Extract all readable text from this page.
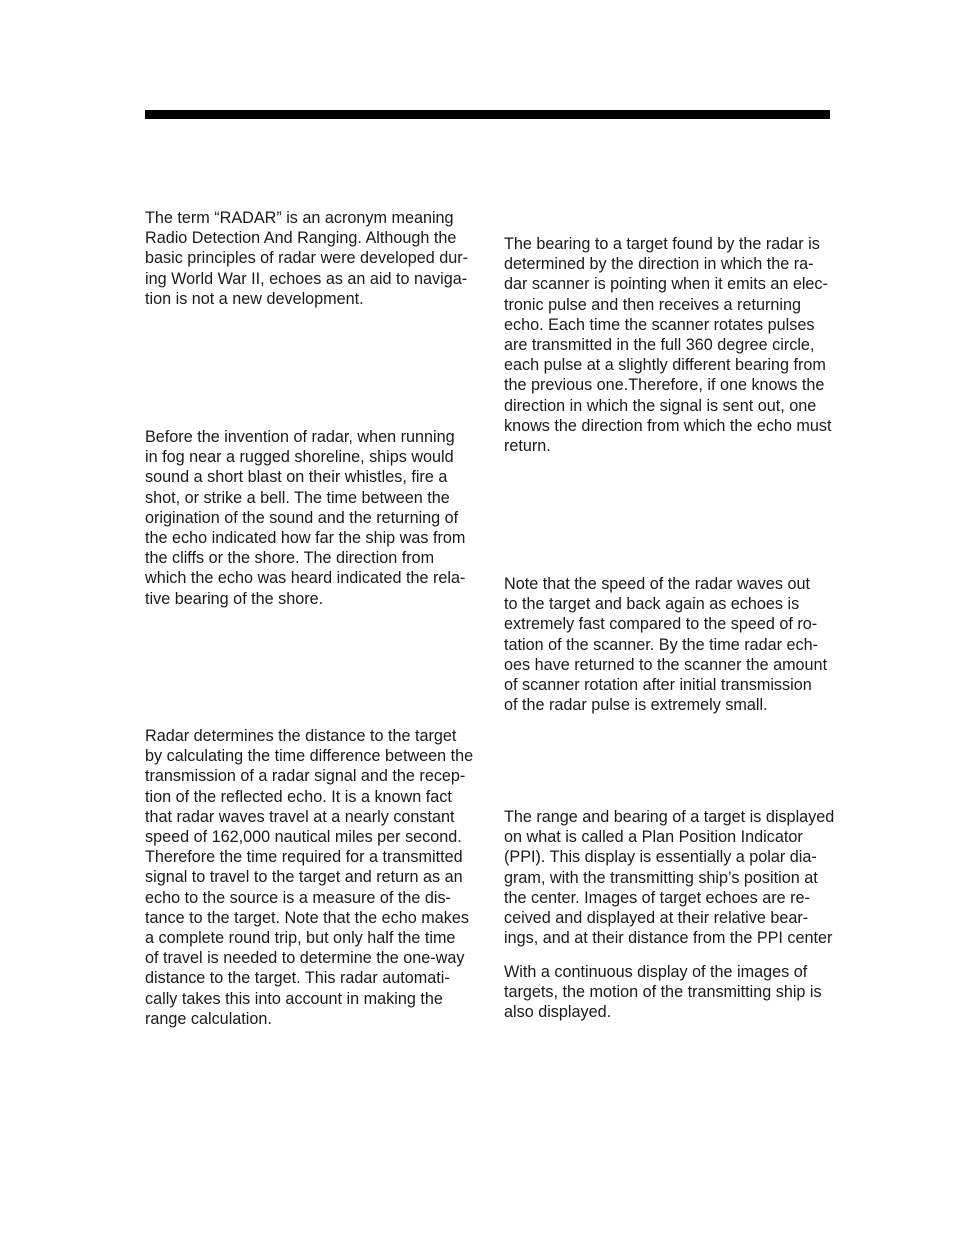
The term “RADAR” is an acronym meaning
Radio Detection And Ranging. Although the
basic principles of radar were developed dur-
ing World War II, echoes as an aid to naviga-
tion is not a new development.

Before the invention of radar, when running
in fog near a rugged shoreline, ships would
sound a short blast on their whistles, fire a
shot, or strike a bell. The time between the
origination of the sound and the returning of
the echo indicated how far the ship was from
the cliffs or the shore. The direction from
which the echo was heard indicated the rela-
tive bearing of the shore.

Radar determines the distance to the target
by calculating the time difference between the
transmission of a radar signal and the recep-
tion of the reflected echo. It is a known fact
that radar waves travel at a nearly constant
speed of 162,000 nautical miles per second.
Therefore the time required for a transmitted
signal to travel to the target and return as an
echo to the source is a measure of the dis-
tance to the target. Note that the echo makes
a complete round trip, but only half the time
of travel is needed to determine the one-way
distance to the target. This radar automati-
cally takes this into account in making the
range calculation.

The bearing to a target found by the radar is
determined by the direction in which the ra-
dar scanner is pointing when it emits an elec-
tronic pulse and then receives a returning
echo. Each time the scanner rotates pulses
are transmitted in the full 360 degree circle,
each pulse at a slightly different bearing from
the previous one.Therefore, if one knows the
direction in which the signal is sent out, one
knows the direction from which the echo must
return.

Note that the speed of the radar waves out
to the target and back again as echoes is
extremely fast compared to the speed of ro-
tation of the scanner. By the time radar ech-
oes have returned to the scanner the amount
of scanner rotation after initial transmission
of the radar pulse is extremely small.

The range and bearing of a target is displayed
on what is called a Plan Position Indicator
(PPI). This display is essentially a polar dia-
gram, with the transmitting ship’s position at
the center. Images of target echoes are re-
ceived and displayed at their relative bear-
ings, and at their distance from the PPI center

With a continuous display of the images of
targets, the motion of the transmitting ship is
also displayed.
